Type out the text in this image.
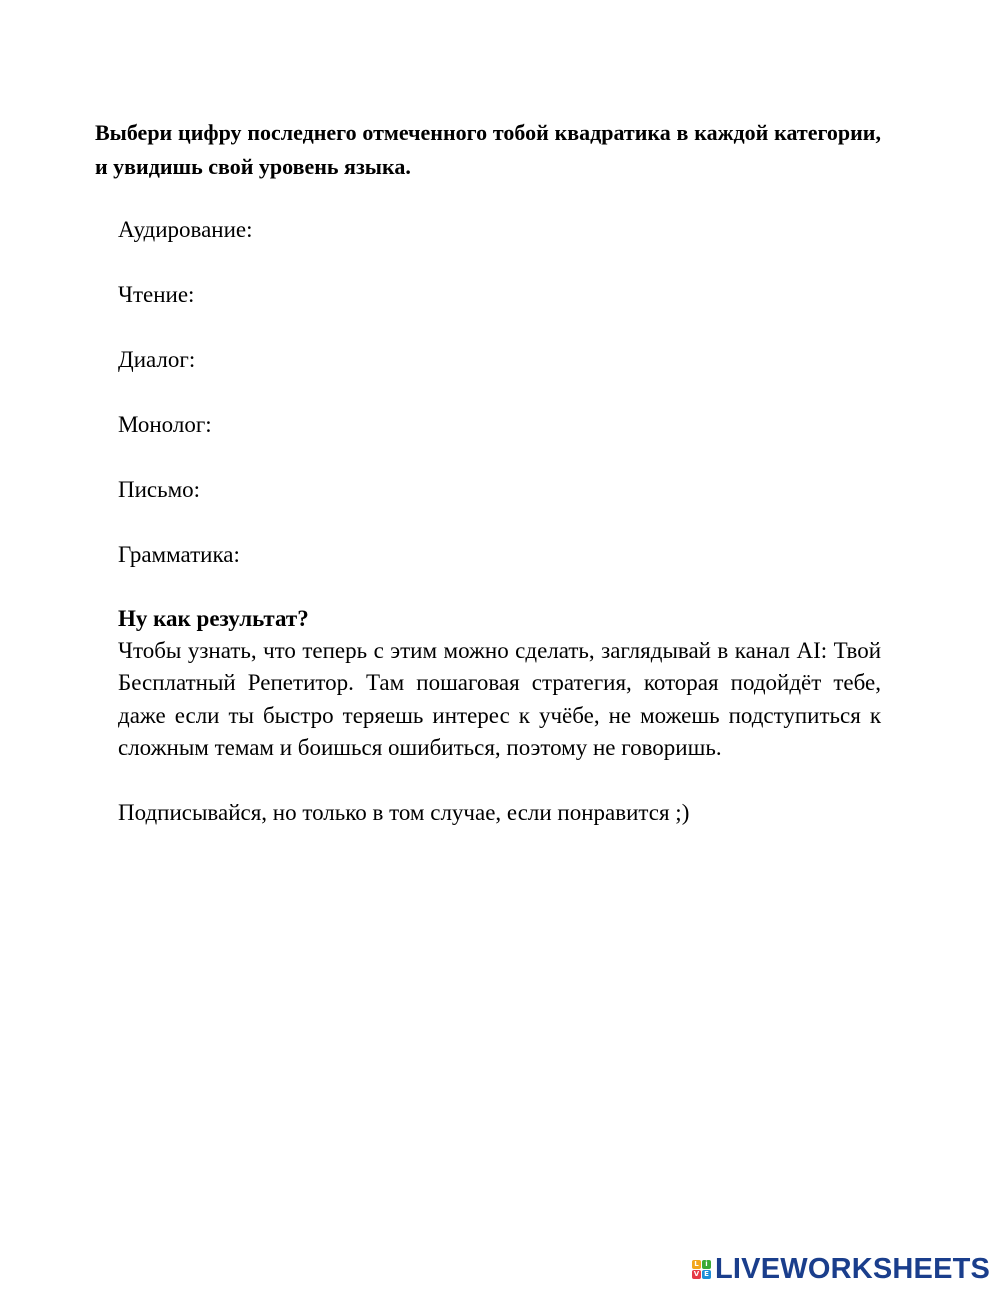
Выбери цифру последнего отмеченного тобой квадратика в каждой категории, и увидишь свой уровень языка.

Аудирование:

Чтение:

Диалог:

Монолог:

Письмо:

Грамматика:

Ну как результат?

Чтобы узнать, что теперь с этим можно сделать, заглядывай в канал AI: Твой Бесплатный Репетитор. Там пошаговая стратегия, которая подойдёт тебе, даже если ты быстро теряешь интерес к учёбе, не можешь подступиться к сложным темам и боишься ошибиться, поэтому не говоришь.

Подписывайся, но только в том случае, если понравится ;)

L i
V E LIVEWORKSHEETS
